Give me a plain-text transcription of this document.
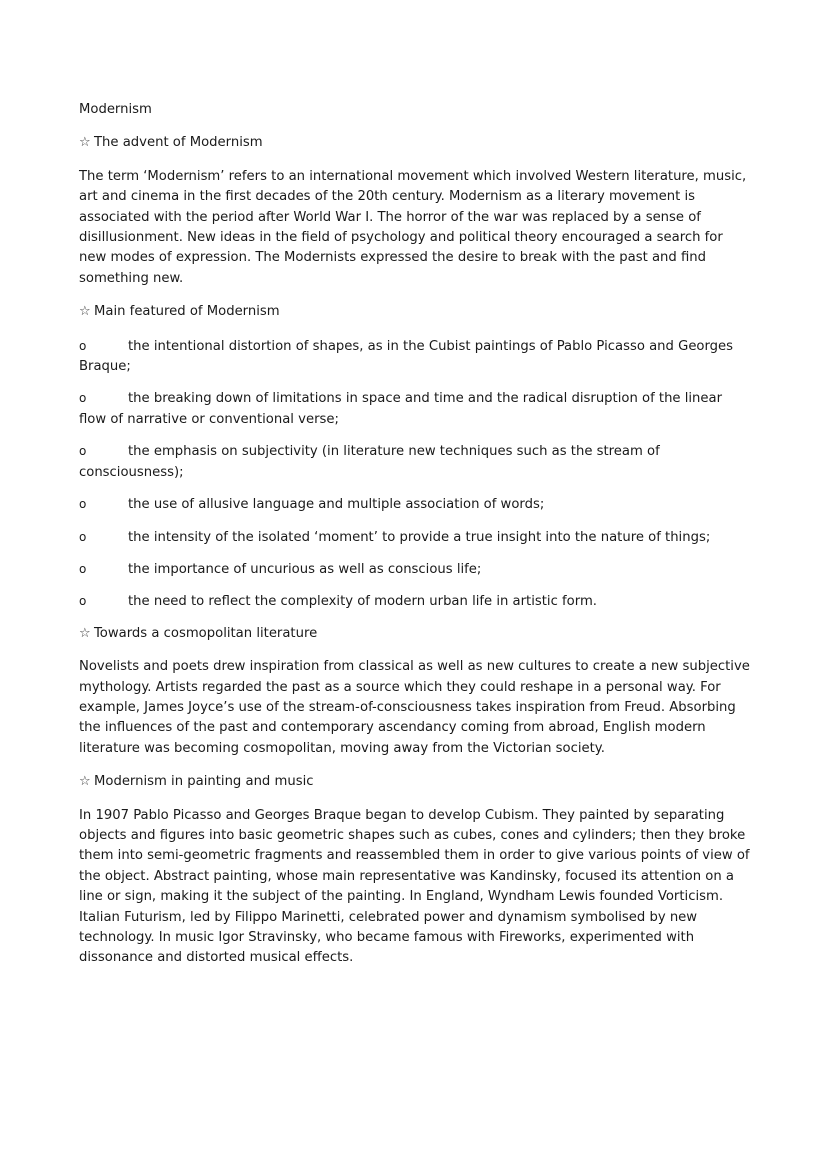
Modernism
☆ The advent of Modernism

The term ‘Modernism’ refers to an international movement which involved Western literature, music, art and cinema in the first decades of the 20th century. Modernism as a literary movement is associated with the period after World War I. The horror of the war was replaced by a sense of disillusionment. New ideas in the field of psychology and political theory encouraged a search for new modes of expression. The Modernists expressed the desire to break with the past and find something new.

☆ Main featured of Modernism
o	the intentional distortion of shapes, as in the Cubist paintings of Pablo Picasso and Georges Braque;
o	the breaking down of limitations in space and time and the radical disruption of the linear flow of narrative or conventional verse;
o	the emphasis on subjectivity (in literature new techniques such as the stream of consciousness);
o	the use of allusive language and multiple association of words;
o	the intensity of the isolated ‘moment’ to provide a true insight into the nature of things;
o	the importance of uncurious as well as conscious life;
o	the need to reflect the complexity of modern urban life in artistic form.
☆ Towards a cosmopolitan literature

Novelists and poets drew inspiration from classical as well as new cultures to create a new subjective mythology. Artists regarded the past as a source which they could reshape in a personal way. For example, James Joyce’s use of the stream-of-consciousness takes inspiration from Freud. Absorbing the influences of the past and contemporary ascendancy coming from abroad, English modern literature was becoming cosmopolitan, moving away from the Victorian society.

☆ Modernism in painting and music

In 1907 Pablo Picasso and Georges Braque began to develop Cubism. They painted by separating objects and figures into basic geometric shapes such as cubes, cones and cylinders; then they broke them into semi-geometric fragments and reassembled them in order to give various points of view of the object. Abstract painting, whose main representative was Kandinsky, focused its attention on a line or sign, making it the subject of the painting. In England, Wyndham Lewis founded Vorticism. Italian Futurism, led by Filippo Marinetti, celebrated power and dynamism symbolised by new technology. In music Igor Stravinsky, who became famous with Fireworks, experimented with dissonance and distorted musical effects.
